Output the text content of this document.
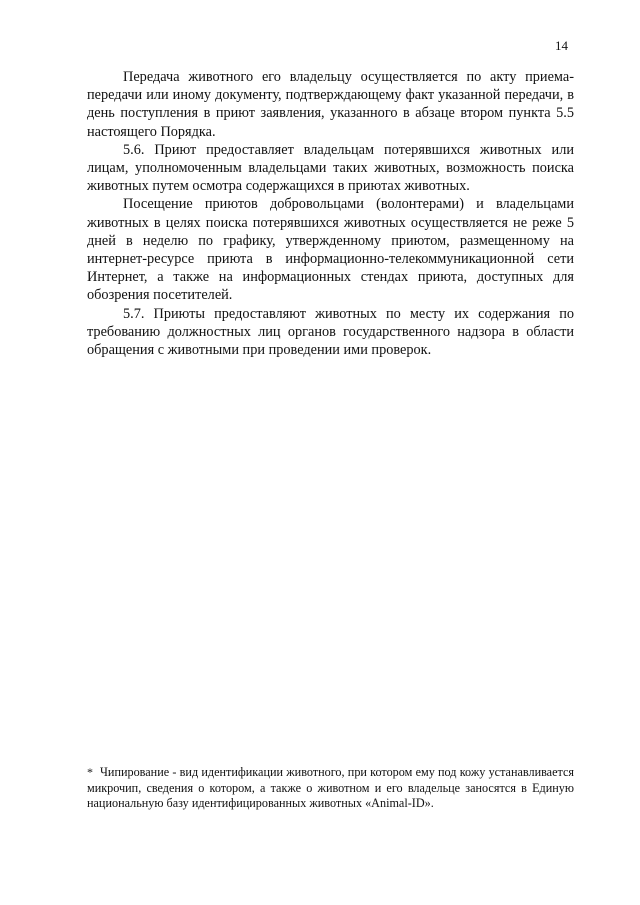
14

Передача животного его владельцу осуществляется по акту приема-передачи или иному документу, подтверждающему факт указанной передачи, в день поступления в приют заявления, указанного в абзаце втором пункта 5.5 настоящего Порядка.

5.6. Приют предоставляет владельцам потерявшихся животных или лицам, уполномоченным владельцами таких животных, возможность поиска животных путем осмотра содержащихся в приютах животных.

Посещение приютов добровольцами (волонтерами) и владельцами животных в целях поиска потерявшихся животных осуществляется не реже 5 дней в неделю по графику, утвержденному приютом, размещенному на интернет-ресурсе приюта в информационно-телекоммуникационной сети Интернет, а также на информационных стендах приюта, доступных для обозрения посетителей.

5.7. Приюты предоставляют животных по месту их содержания по требованию должностных лиц органов государственного надзора в области обращения с животными при проведении ими проверок.

* Чипирование - вид идентификации животного, при котором ему под кожу устанавливается микрочип, сведения о котором, а также о животном и его владельце заносятся в Единую национальную базу идентифицированных животных «Animal-ID».
